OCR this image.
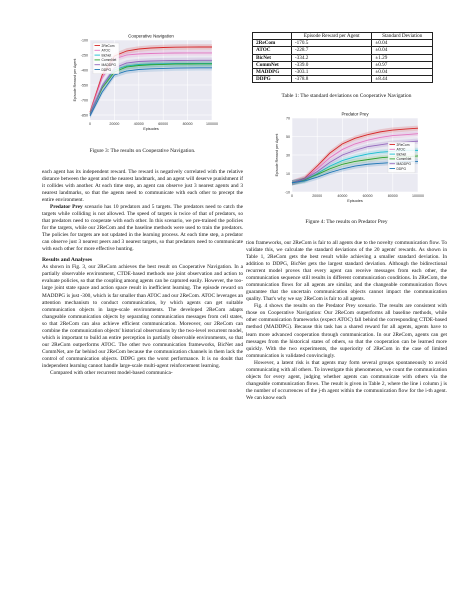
-850
-700
-550
-400
-250
-100
0	20000	40000	60000	80000	100000
Cooperative Navigation
Episodes
Episode Reward per Agent
2ReCom
ATOC
BicNet
CommNet
MADDPG
DDPG
Figure 3: The results on Cooperative Navigation.

each agent has its independent reward. The reward is negatively correlated with the relative distance between the agent and the nearest landmark, and an agent will deserve punishment if it collides with another. At each time step, an agent can observe just 3 nearest agents and 3 nearest landmarks, so that the agents need to communicate with each other to precept the entire environment.

Predator Prey scenario has 10 predators and 5 targets. The predators need to catch the targets while colliding is not allowed. The speed of targets is twice of that of predators, so that predators need to cooperate with each other. In this scenario, we pre-trained the policies for the targets, while our 2ReCom and the baseline methods were used to train the predators. The policies for targets are not updated in the learning process. At each time step, a predator can observe just 3 nearest peers and 3 nearest targets, so that predators need to communicate with each other for more effective hunting.

Results and Analyses

As shown in Fig. 3, our 2ReCom achieves the best result on Cooperative Navigation. In a partially observable environment, CTDE-based methods use joint observation and action to evaluate policies, so that the coupling among agents can be captured easily. However, the too-large joint state space and action space result in inefficient learning. The episode reward on MADDPG is just -300, which is far smaller than ATOC and our 2ReCom. ATOC leverages an attention mechanism to conduct communication, by which agents can get suitable communication objects in large-scale environments. The developed 2ReCom adapts changeable communication objects by separating communication messages from cell states, so that 2ReCom can also achieve efficient communication. Moreover, our 2ReCom can combine the communication objects' historical observations by the two-level recurrent model, which is important to build an entire perception in partially observable environments, so that our 2ReCom outperforms ATOC. The other two communication frameworks, BicNet and CommNet, are far behind our 2ReCom because the communication channels in them lack the control of communication objects. DDPG gets the worst performance. It is no doubt that independent learning cannot handle large-scale multi-agent reinforcement learning.

Compared with other recurrent model-based communica-

	Episode Reward per Agent	Standard Deviation
2ReCom	-170.5	±0.04
ATOC	-228.7	±0.04
BicNet	-334.2	±1.29
CommNet	-339.0	±0.97
MADDPG	-303.1	±0.04
DDPG	-378.8	±8.44
Table 1: The standard deviations on Cooperative Navigation
-10
10
30
50
70
0	20000	40000	60000	80000	100000
Predator Prey
Episodes
Episode Reward per Agent	2ReCom
ATOC
BicNet
CommNet
MADDPG
DDPG
Figure 4: The results on Predator Prey

tion frameworks, our 2ReCom is fair to all agents due to the novelty communication flow. To validate this, we calculate the standard deviations of the 20 agents' rewards. As shown in Table 1, 2ReCom gets the best result while achieving a smaller standard deviation. In addition to DDPG, BicNet gets the largest standard deviation. Although the bidirectional recurrent model proves that every agent can receive messages from each other, the communication sequence still results in different communication conditions. In 2ReCom, the communication flows for all agents are similar, and the changeable communication flows guarantee that the uncertain communication objects cannot impact the communication quality. That's why we say 2ReCom is fair to all agents.

Fig. 4 shows the results on the Predator Prey scenario. The results are consistent with those on Cooperative Navigation: Our 2ReCom outperforms all baseline methods, while other communication frameworks (expect ATOC) fall behind the corresponding CTDE-based method (MADDPG). Because this task has a shared reward for all agents, agents have to learn more advanced cooperation through communication. In our 2ReCom, agents can get messages from the historical states of others, so that the cooperation can be learned more quickly. With the two experiments, the superiority of 2ReCom in the case of limited communication is validated convincingly.

However, a latent risk is that agents may form several groups spontaneously to avoid communicating with all others. To investigate this phenomenon, we count the communication objects for every agent, judging whether agents can communicate with others via the changeable communication flows. The result is given in Table 2, where the line i column j is the number of occurrences of the j-th agent within the communication flow for the i-th agent. We can know each
